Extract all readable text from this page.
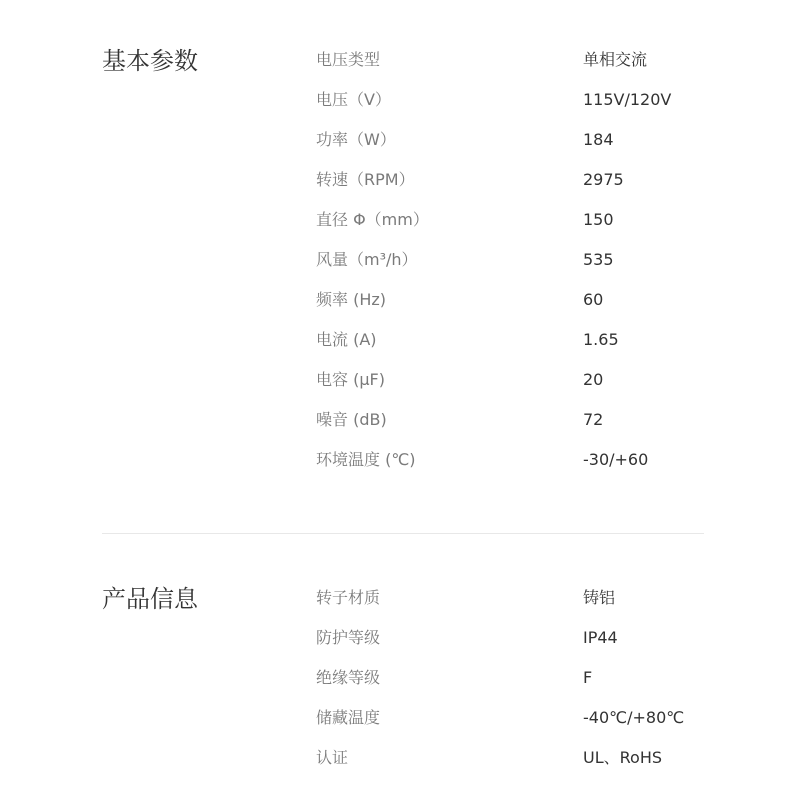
基本参数	电压类型	单相交流
电压（V）	115V/120V
功率（W）	184
转速（RPM）	2975
直径 Φ（mm）	150
风量（m³/h）	535
频率 (Hz)	60
电流 (A)	1.65
电容 (μF)	20
噪音 (dB)	72
环境温度 (℃)	-30/+60
产品信息	转子材质	铸铝
防护等级	IP44
绝缘等级	F
储藏温度	-40℃/+80℃
认证	UL、RoHS
